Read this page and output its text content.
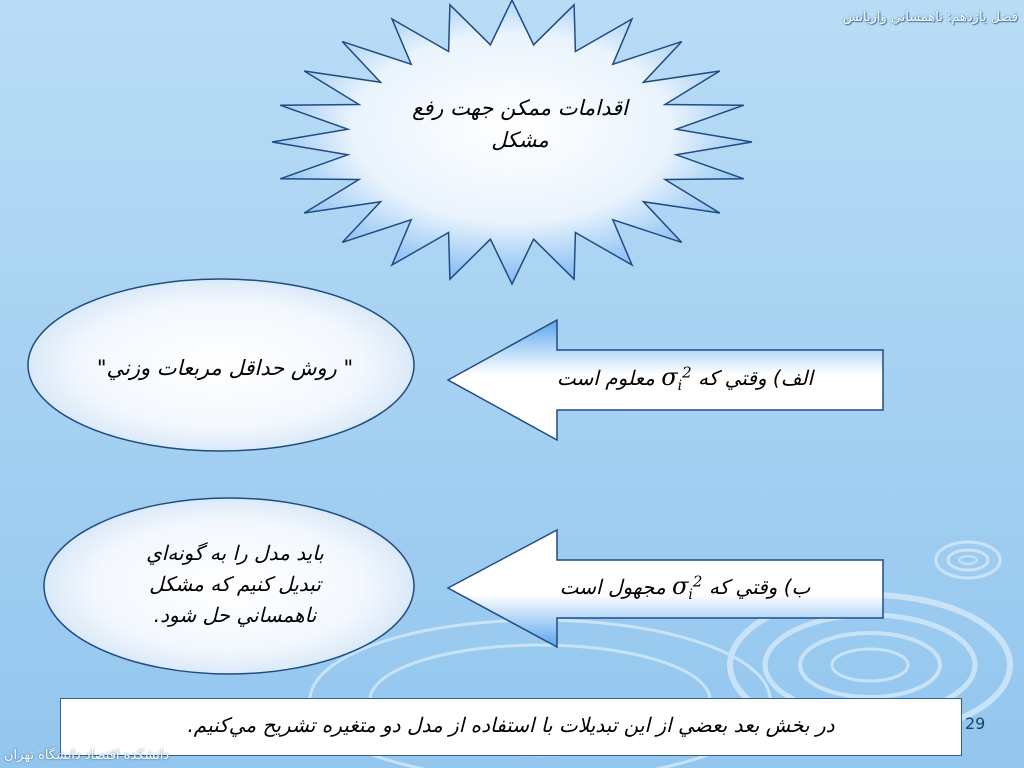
فصل يازدهم: ناهمساني واريانس
اقدامات ممکن جهت رفع
مشکل
" روش حداقل مربعات وزني"
بايد مدل را به گونه‌اي
تبديل کنيم که مشکل
ناهمساني حل شود.
الف) وقتي که $\sigma_i^2$ معلوم است
ب) وقتي که $\sigma_i^2$ مجهول است
در بخش بعد بعضي از اين تبديلات با استفاده از مدل دو متغيره تشريح مي‌کنيم.	29
دانشکده اقتصاد دانشگاه تهران
